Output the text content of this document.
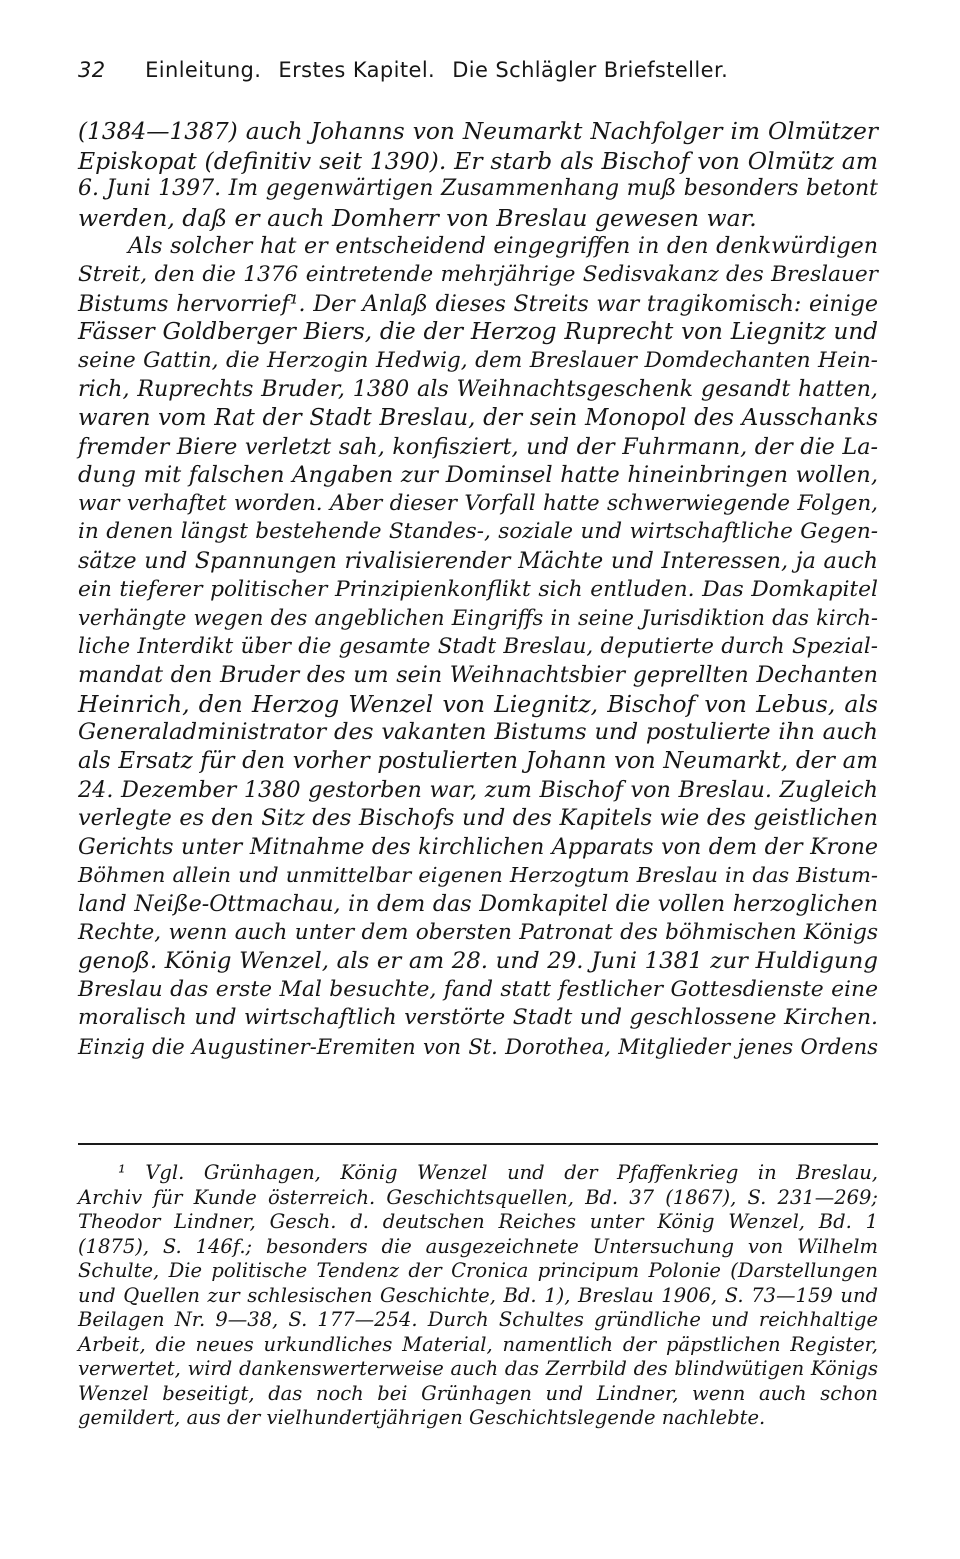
32 Einleitung. Erstes Kapitel. Die Schlägler Briefsteller.
(1384—1387) auch Johanns von Neumarkt Nachfolger im Olmützer
Episkopat (definitiv seit 1390). Er starb als Bischof von Olmütz am
6. Juni 1397. Im gegenwärtigen Zusammenhang muß besonders betont
werden, daß er auch Domherr von Breslau gewesen war.
Als solcher hat er entscheidend eingegriffen in den denkwürdigen
Streit, den die 1376 eintretende mehrjährige Sedisvakanz des Breslauer
Bistums hervorrief¹. Der Anlaß dieses Streits war tragikomisch: einige
Fässer Goldberger Biers, die der Herzog Ruprecht von Liegnitz und
seine Gattin, die Herzogin Hedwig, dem Breslauer Domdechanten Hein-
rich, Ruprechts Bruder, 1380 als Weihnachtsgeschenk gesandt hatten,
waren vom Rat der Stadt Breslau, der sein Monopol des Ausschanks
fremder Biere verletzt sah, konfisziert, und der Fuhrmann, der die La-
dung mit falschen Angaben zur Dominsel hatte hineinbringen wollen,
war verhaftet worden. Aber dieser Vorfall hatte schwerwiegende Folgen,
in denen längst bestehende Standes-, soziale und wirtschaftliche Gegen-
sätze und Spannungen rivalisierender Mächte und Interessen, ja auch
ein tieferer politischer Prinzipienkonflikt sich entluden. Das Domkapitel
verhängte wegen des angeblichen Eingriffs in seine Jurisdiktion das kirch-
liche Interdikt über die gesamte Stadt Breslau, deputierte durch Spezial-
mandat den Bruder des um sein Weihnachtsbier geprellten Dechanten
Heinrich, den Herzog Wenzel von Liegnitz, Bischof von Lebus, als
Generaladministrator des vakanten Bistums und postulierte ihn auch
als Ersatz für den vorher postulierten Johann von Neumarkt, der am
24. Dezember 1380 gestorben war, zum Bischof von Breslau. Zugleich
verlegte es den Sitz des Bischofs und des Kapitels wie des geistlichen
Gerichts unter Mitnahme des kirchlichen Apparats von dem der Krone
Böhmen allein und unmittelbar eigenen Herzogtum Breslau in das Bistum-
land Neiße-Ottmachau, in dem das Domkapitel die vollen herzoglichen
Rechte, wenn auch unter dem obersten Patronat des böhmischen Königs
genoß. König Wenzel, als er am 28. und 29. Juni 1381 zur Huldigung
Breslau das erste Mal besuchte, fand statt festlicher Gottesdienste eine
moralisch und wirtschaftlich verstörte Stadt und geschlossene Kirchen.
Einzig die Augustiner-Eremiten von St. Dorothea, Mitglieder jenes Ordens
¹ Vgl. Grünhagen, König Wenzel und der Pfaffenkrieg in Breslau,
Archiv für Kunde österreich. Geschichtsquellen, Bd. 37 (1867), S. 231—269;
Theodor Lindner, Gesch. d. deutschen Reiches unter König Wenzel, Bd. 1
(1875), S. 146f.; besonders die ausgezeichnete Untersuchung von Wilhelm
Schulte, Die politische Tendenz der Cronica principum Polonie (Darstellungen
und Quellen zur schlesischen Geschichte, Bd. 1), Breslau 1906, S. 73—159 und
Beilagen Nr. 9—38, S. 177—254. Durch Schultes gründliche und reichhaltige
Arbeit, die neues urkundliches Material, namentlich der päpstlichen Register,
verwertet, wird dankenswerterweise auch das Zerrbild des blindwütigen Königs
Wenzel beseitigt, das noch bei Grünhagen und Lindner, wenn auch schon
gemildert, aus der vielhundertjährigen Geschichtslegende nachlebte.
